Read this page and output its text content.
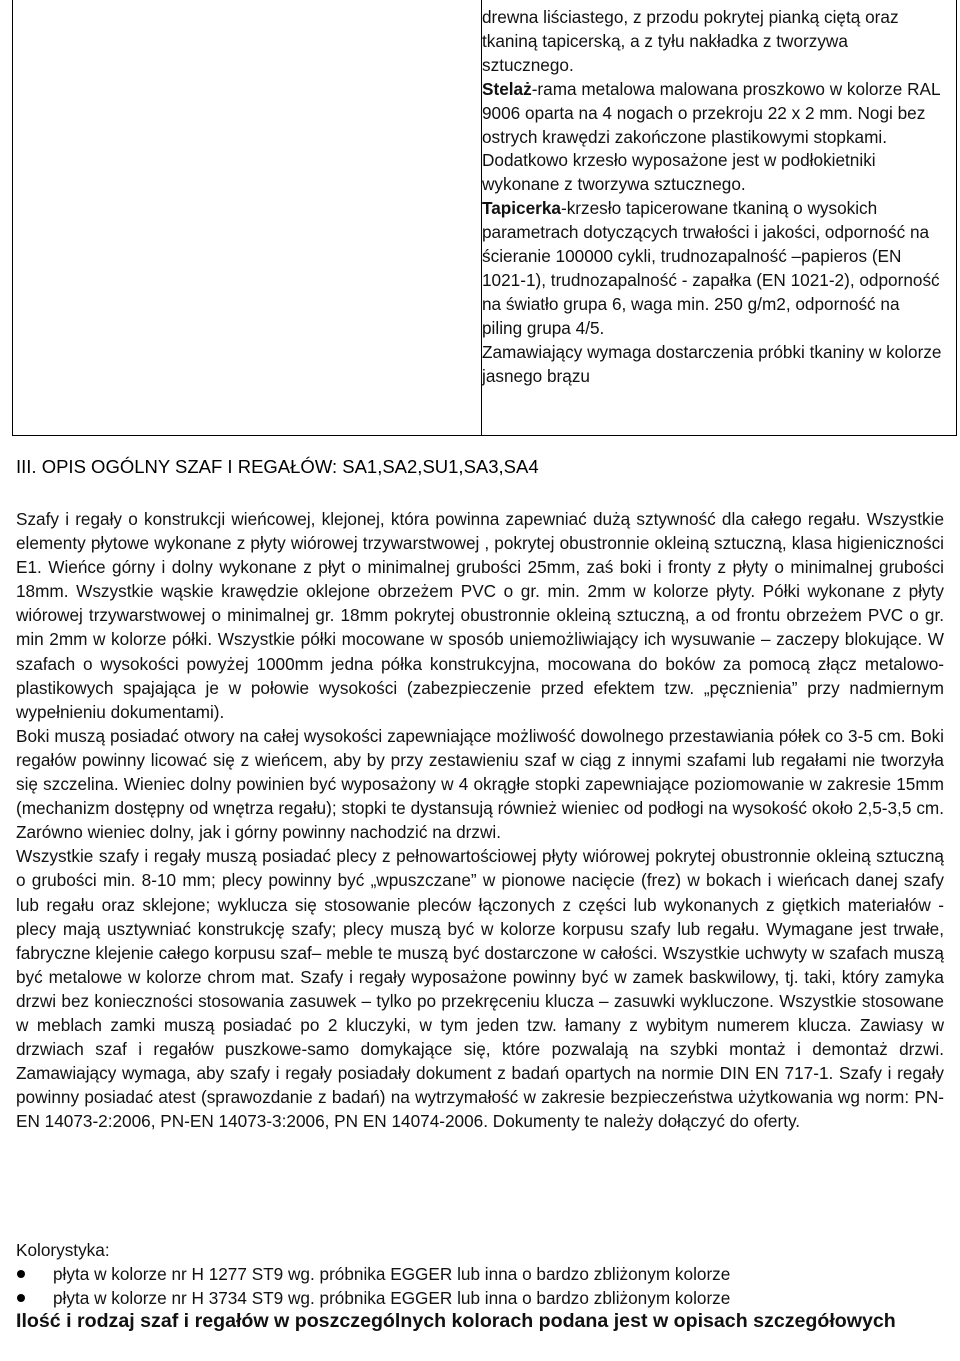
drewna liściastego, z przodu pokrytej pianką ciętą oraz tkaniną tapicerską, a z tyłu nakładka z tworzywa sztucznego.
Stelaż-rama metalowa malowana proszkowo w kolorze RAL 9006 oparta na 4 nogach o przekroju 22 x 2 mm. Nogi bez ostrych krawędzi zakończone plastikowymi stopkami. Dodatkowo krzesło wyposażone jest w podłokietniki wykonane z tworzywa sztucznego.
Tapicerka-krzesło tapicerowane tkaniną o wysokich parametrach dotyczących trwałości i jakości, odporność na ścieranie 100000 cykli, trudnozapalność –papieros (EN 1021-1), trudnozapalność - zapałka (EN 1021-2), odporność na światło grupa 6, waga min. 250 g/m2, odporność na piling grupa 4/5.
Zamawiający wymaga dostarczenia próbki tkaniny w kolorze jasnego brązu

III. OPIS OGÓLNY SZAF I REGAŁÓW: SA1,SA2,SU1,SA3,SA4

Szafy i regały o konstrukcji wieńcowej, klejonej, która powinna zapewniać dużą sztywność dla całego regału. Wszystkie elementy płytowe wykonane z płyty wiórowej trzywarstwowej , pokrytej obustronnie okleiną sztuczną, klasa higieniczności E1. Wieńce górny i dolny wykonane z płyt o minimalnej grubości 25mm, zaś boki i fronty z płyty o minimalnej grubości 18mm. Wszystkie wąskie krawędzie oklejone obrzeżem PVC o gr. min. 2mm w kolorze płyty. Półki wykonane z płyty wiórowej trzywarstwowej o minimalnej gr. 18mm pokrytej obustronnie okleiną sztuczną, a od frontu obrzeżem PVC o gr. min 2mm w kolorze półki. Wszystkie półki mocowane w sposób uniemożliwiający ich wysuwanie – zaczepy blokujące. W szafach o wysokości powyżej 1000mm jedna półka konstrukcyjna, mocowana do boków za pomocą złącz metalowo-plastikowych spajająca je w połowie wysokości (zabezpieczenie przed efektem tzw. „pęcznienia” przy nadmiernym wypełnieniu dokumentami).

Boki muszą posiadać otwory na całej wysokości zapewniające możliwość dowolnego przestawiania półek co 3-5 cm. Boki regałów powinny licować się z wieńcem, aby by przy zestawieniu szaf w ciąg z innymi szafami lub regałami nie tworzyła się szczelina. Wieniec dolny powinien być wyposażony w 4 okrągłe stopki zapewniające poziomowanie w zakresie 15mm (mechanizm dostępny od wnętrza regału); stopki te dystansują również wieniec od podłogi na wysokość około 2,5-3,5 cm. Zarówno wieniec dolny, jak i górny powinny nachodzić na drzwi.

Wszystkie szafy i regały muszą posiadać plecy z pełnowartościowej płyty wiórowej pokrytej obustronnie okleiną sztuczną o grubości min. 8-10 mm; plecy powinny być „wpuszczane” w pionowe nacięcie (frez) w bokach i wieńcach danej szafy lub regału oraz sklejone; wyklucza się stosowanie pleców łączonych z części lub wykonanych z giętkich materiałów - plecy mają usztywniać konstrukcję szafy; plecy muszą być w kolorze korpusu szafy lub regału. Wymagane jest trwałe, fabryczne klejenie całego korpusu szaf– meble te muszą być dostarczone w całości. Wszystkie uchwyty w szafach muszą być metalowe w kolorze chrom mat. Szafy i regały wyposażone powinny być w zamek baskwilowy, tj. taki, który zamyka drzwi bez konieczności stosowania zasuwek – tylko po przekręceniu klucza – zasuwki wykluczone. Wszystkie stosowane w meblach zamki muszą posiadać po 2 kluczyki, w tym jeden tzw. łamany z wybitym numerem klucza. Zawiasy w drzwiach szaf i regałów puszkowe-samo domykające się, które pozwalają na szybki montaż i demontaż drzwi. Zamawiający wymaga, aby szafy i regały posiadały dokument z badań opartych na normie DIN EN 717-1. Szafy i regały powinny posiadać atest (sprawozdanie z badań) na wytrzymałość w zakresie bezpieczeństwa użytkowania wg norm: PN-EN 14073-2:2006, PN-EN 14073-3:2006, PN EN 14074-2006. Dokumenty te należy dołączyć do oferty.

Kolorystyka:
płyta w kolorze nr H 1277 ST9 wg. próbnika EGGER lub inna o bardzo zbliżonym kolorze
płyta w kolorze nr H 3734 ST9 wg. próbnika EGGER lub inna o bardzo zbliżonym kolorze
Ilość i rodzaj szaf i regałów w poszczególnych kolorach podana jest w opisach szczegółowych
